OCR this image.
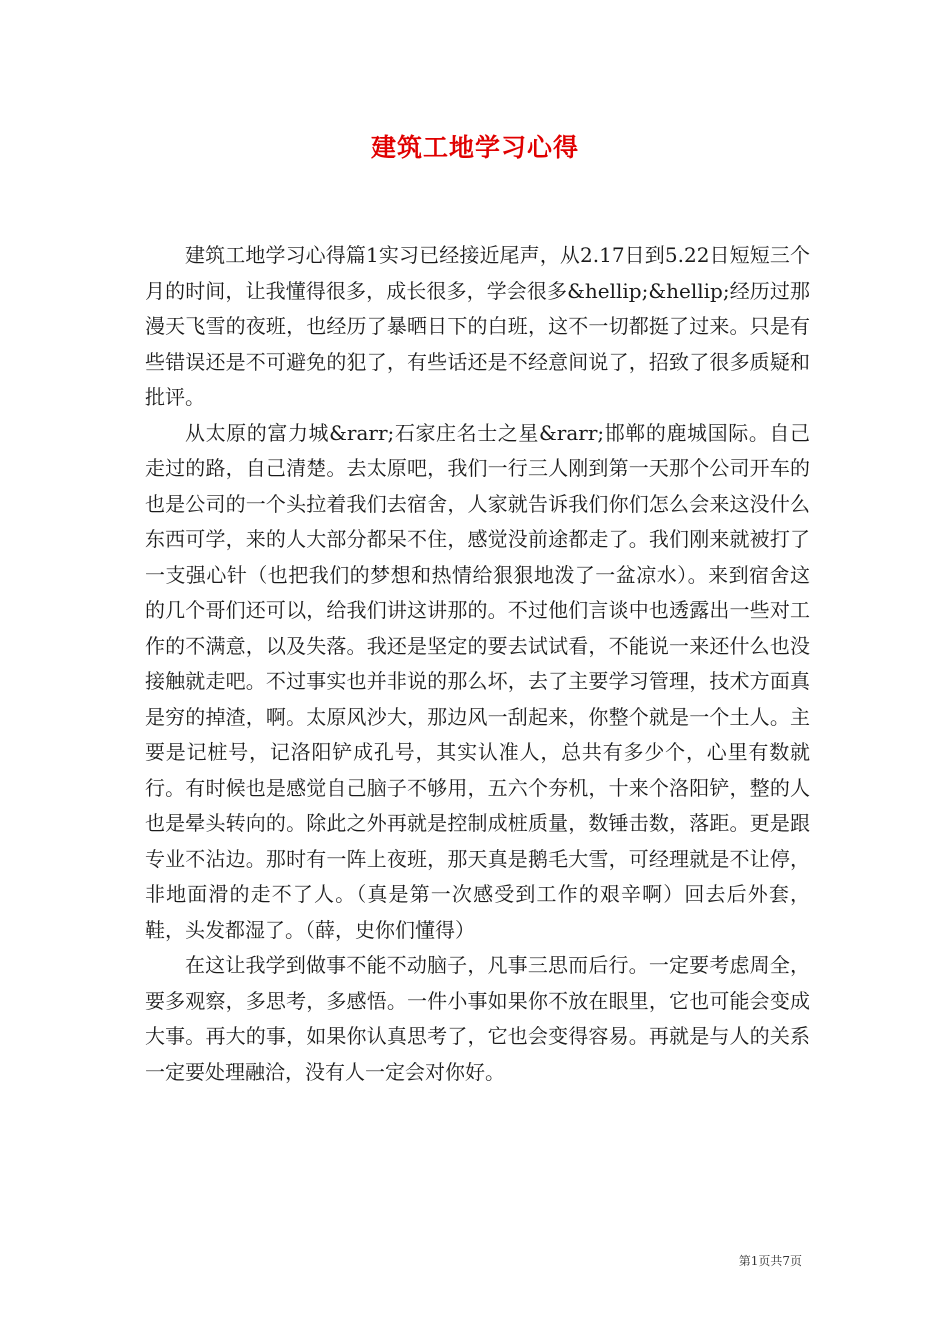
建筑工地学习心得

建筑工地学习心得篇1实习已经接近尾声，从2.17日到5.22日短短三个月的时间，让我懂得很多，成长很多，学会很多&hellip;&hellip;经历过那漫天飞雪的夜班，也经历了暴晒日下的白班，这不一切都挺了过来。只是有些错误还是不可避免的犯了，有些话还是不经意间说了，招致了很多质疑和批评。

从太原的富力城&rarr;石家庄名士之星&rarr;邯郸的鹿城国际。自己走过的路，自己清楚。去太原吧，我们一行三人刚到第一天那个公司开车的也是公司的一个头拉着我们去宿舍，人家就告诉我们你们怎么会来这没什么东西可学，来的人大部分都呆不住，感觉没前途都走了。我们刚来就被打了一支强心针（也把我们的梦想和热情给狠狠地泼了一盆凉水）。来到宿舍这的几个哥们还可以，给我们讲这讲那的。不过他们言谈中也透露出一些对工作的不满意，以及失落。我还是坚定的要去试试看，不能说一来还什么也没接触就走吧。不过事实也并非说的那么坏，去了主要学习管理，技术方面真是穷的掉渣，啊。太原风沙大，那边风一刮起来，你整个就是一个土人。主要是记桩号，记洛阳铲成孔号，其实认准人，总共有多少个，心里有数就行。有时候也是感觉自己脑子不够用，五六个夯机，十来个洛阳铲，整的人也是晕头转向的。除此之外再就是控制成桩质量，数锤击数，落距。更是跟专业不沾边。那时有一阵上夜班，那天真是鹅毛大雪，可经理就是不让停，非地面滑的走不了人。（真是第一次感受到工作的艰辛啊）回去后外套，鞋，头发都湿了。（薛，史你们懂得）

在这让我学到做事不能不动脑子，凡事三思而后行。一定要考虑周全，要多观察，多思考，多感悟。一件小事如果你不放在眼里，它也可能会变成大事。再大的事，如果你认真思考了，它也会变得容易。再就是与人的关系一定要处理融洽，没有人一定会对你好。

第1页共7页
